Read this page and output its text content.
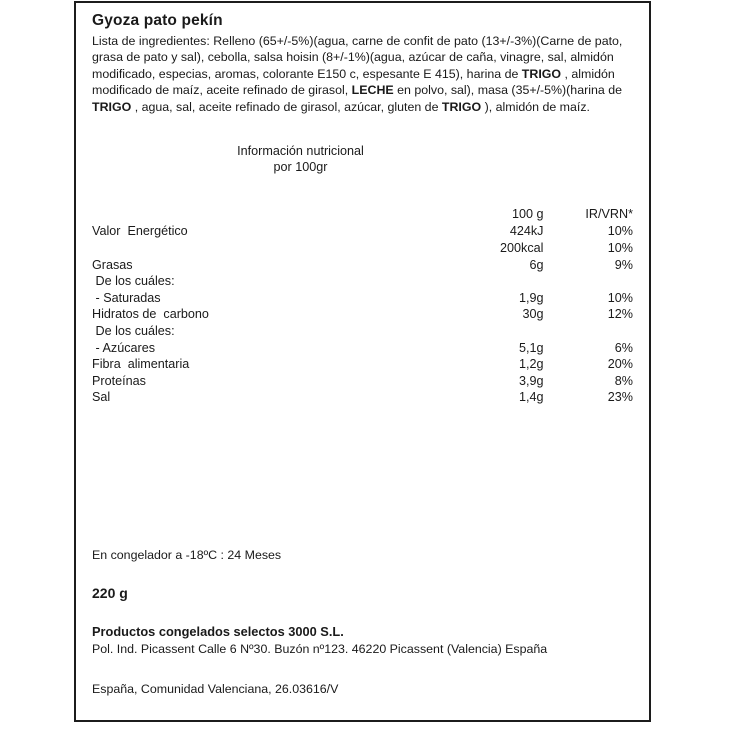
Gyoza pato pekín

Lista de ingredientes: Relleno (65+/-5%)(agua, carne de confit de pato (13+/-3%)(Carne de pato, grasa de pato y sal), cebolla, salsa hoisin (8+/-1%)(agua, azúcar de caña, vinagre, sal, almidón modificado, especias, aromas, colorante E150 c, espesante E 415), harina de TRIGO , almidón modificado de maíz, aceite refinado de girasol, LECHE en polvo, sal), masa (35+/-5%)(harina de TRIGO , agua, sal, aceite refinado de girasol, azúcar, gluten de TRIGO ), almidón de maíz.

Información nutricional
por 100gr
	100 g	IR/VRN*
Valor  Energético	424kJ	10%
	200kcal	10%
Grasas	6g	9%
De los cuáles:		
- Saturadas	1,9g	10%
Hidratos de  carbono	30g	12%
De los cuáles:		
- Azúcares	5,1g	6%
Fibra  alimentaria	1,2g	20%
Proteínas	3,9g	8%
Sal	1,4g	23%
En congelador a -18ºC : 24 Meses
220 g
Productos congelados selectos 3000 S.L.
Pol. Ind. Picassent Calle 6 Nº30. Buzón nº123. 46220 Picassent (Valencia) España
España, Comunidad Valenciana, 26.03616/V
